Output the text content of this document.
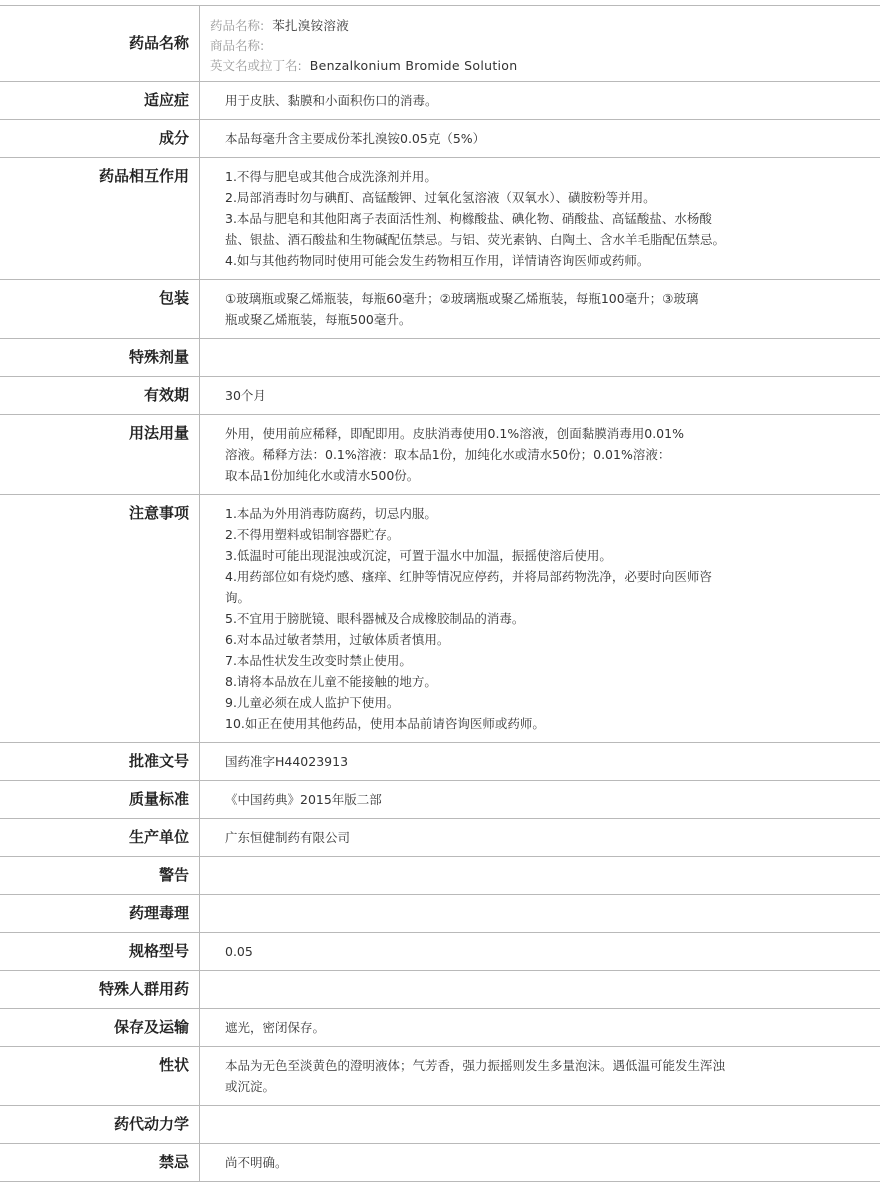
药品名称
药品名称: 苯扎溴铵溶液
商品名称:
英文名或拉丁名: Benzalkonium Bromide Solution
适应症	用于皮肤、黏膜和小面积伤口的消毒。
成分	本品每毫升含主要成份苯扎溴铵0.05克（5%）
药品相互作用	1.不得与肥皂或其他合成洗涤剂并用。
2.局部消毒时勿与碘酊、高锰酸钾、过氧化氢溶液（双氧水）、磺胺粉等并用。
3.本品与肥皂和其他阳离子表面活性剂、枸橼酸盐、碘化物、硝酸盐、高锰酸盐、水杨酸
盐、银盐、酒石酸盐和生物碱配伍禁忌。与铝、荧光素钠、白陶土、含水羊毛脂配伍禁忌。
4.如与其他药物同时使用可能会发生药物相互作用，详情请咨询医师或药师。
包装	①玻璃瓶或聚乙烯瓶装，每瓶60毫升；②玻璃瓶或聚乙烯瓶装，每瓶100毫升；③玻璃
瓶或聚乙烯瓶装，每瓶500毫升。
特殊剂量
有效期	30个月
用法用量	外用，使用前应稀释，即配即用。皮肤消毒使用0.1%溶液，创面黏膜消毒用0.01%
溶液。稀释方法：0.1%溶液：取本品1份，加纯化水或清水50份；0.01%溶液：
取本品1份加纯化水或清水500份。
注意事项	1.本品为外用消毒防腐药，切忌内服。
2.不得用塑料或铝制容器贮存。
3.低温时可能出现混浊或沉淀，可置于温水中加温，振摇使溶后使用。
4.用药部位如有烧灼感、瘙痒、红肿等情况应停药，并将局部药物洗净，必要时向医师咨
询。
5.不宜用于膀胱镜、眼科器械及合成橡胶制品的消毒。
6.对本品过敏者禁用，过敏体质者慎用。
7.本品性状发生改变时禁止使用。
8.请将本品放在儿童不能接触的地方。
9.儿童必须在成人监护下使用。
10.如正在使用其他药品，使用本品前请咨询医师或药师。
批准文号	国药准字H44023913
质量标准	《中国药典》2015年版二部
生产单位	广东恒健制药有限公司
警告
药理毒理
规格型号	0.05
特殊人群用药
保存及运输	遮光，密闭保存。
性状	本品为无色至淡黄色的澄明液体；气芳香，强力振摇则发生多量泡沫。遇低温可能发生浑浊
或沉淀。
药代动力学
禁忌	尚不明确。
